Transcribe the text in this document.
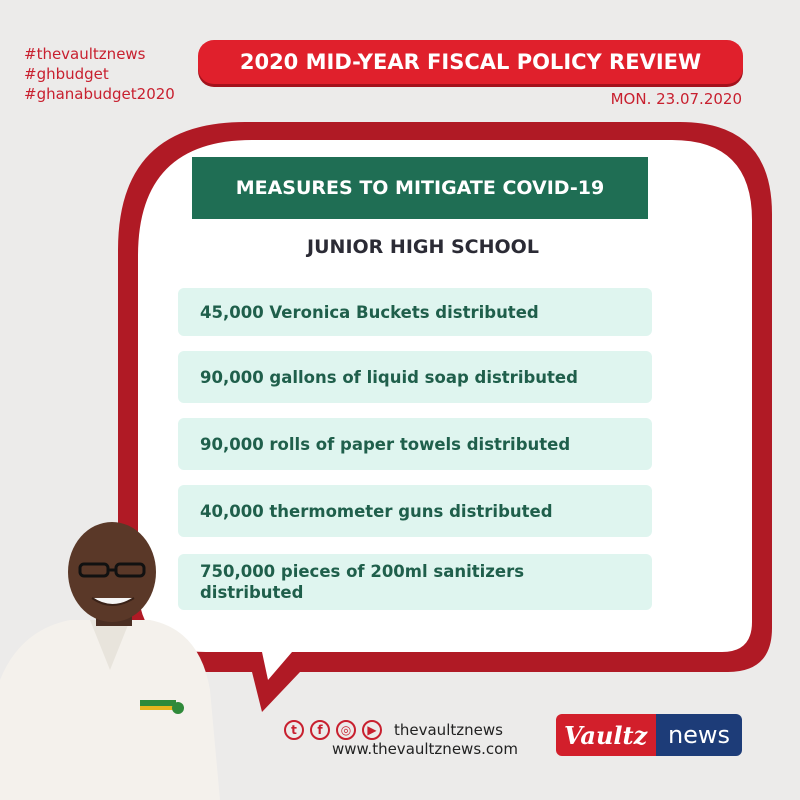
#thevaultznews
#ghbudget
#ghanabudget2020
2020 MID-YEAR FISCAL POLICY REVIEW
MON. 23.07.2020
MEASURES TO MITIGATE COVID-19
JUNIOR HIGH SCHOOL
45,000 Veronica Buckets distributed
90,000 gallons of liquid soap distributed
90,000 rolls of paper towels distributed
40,000 thermometer guns distributed
750,000 pieces of 200ml sanitizers distributed
t	f	◎	▶	thevaultznews
www.thevaultznews.com	Vaultz news
